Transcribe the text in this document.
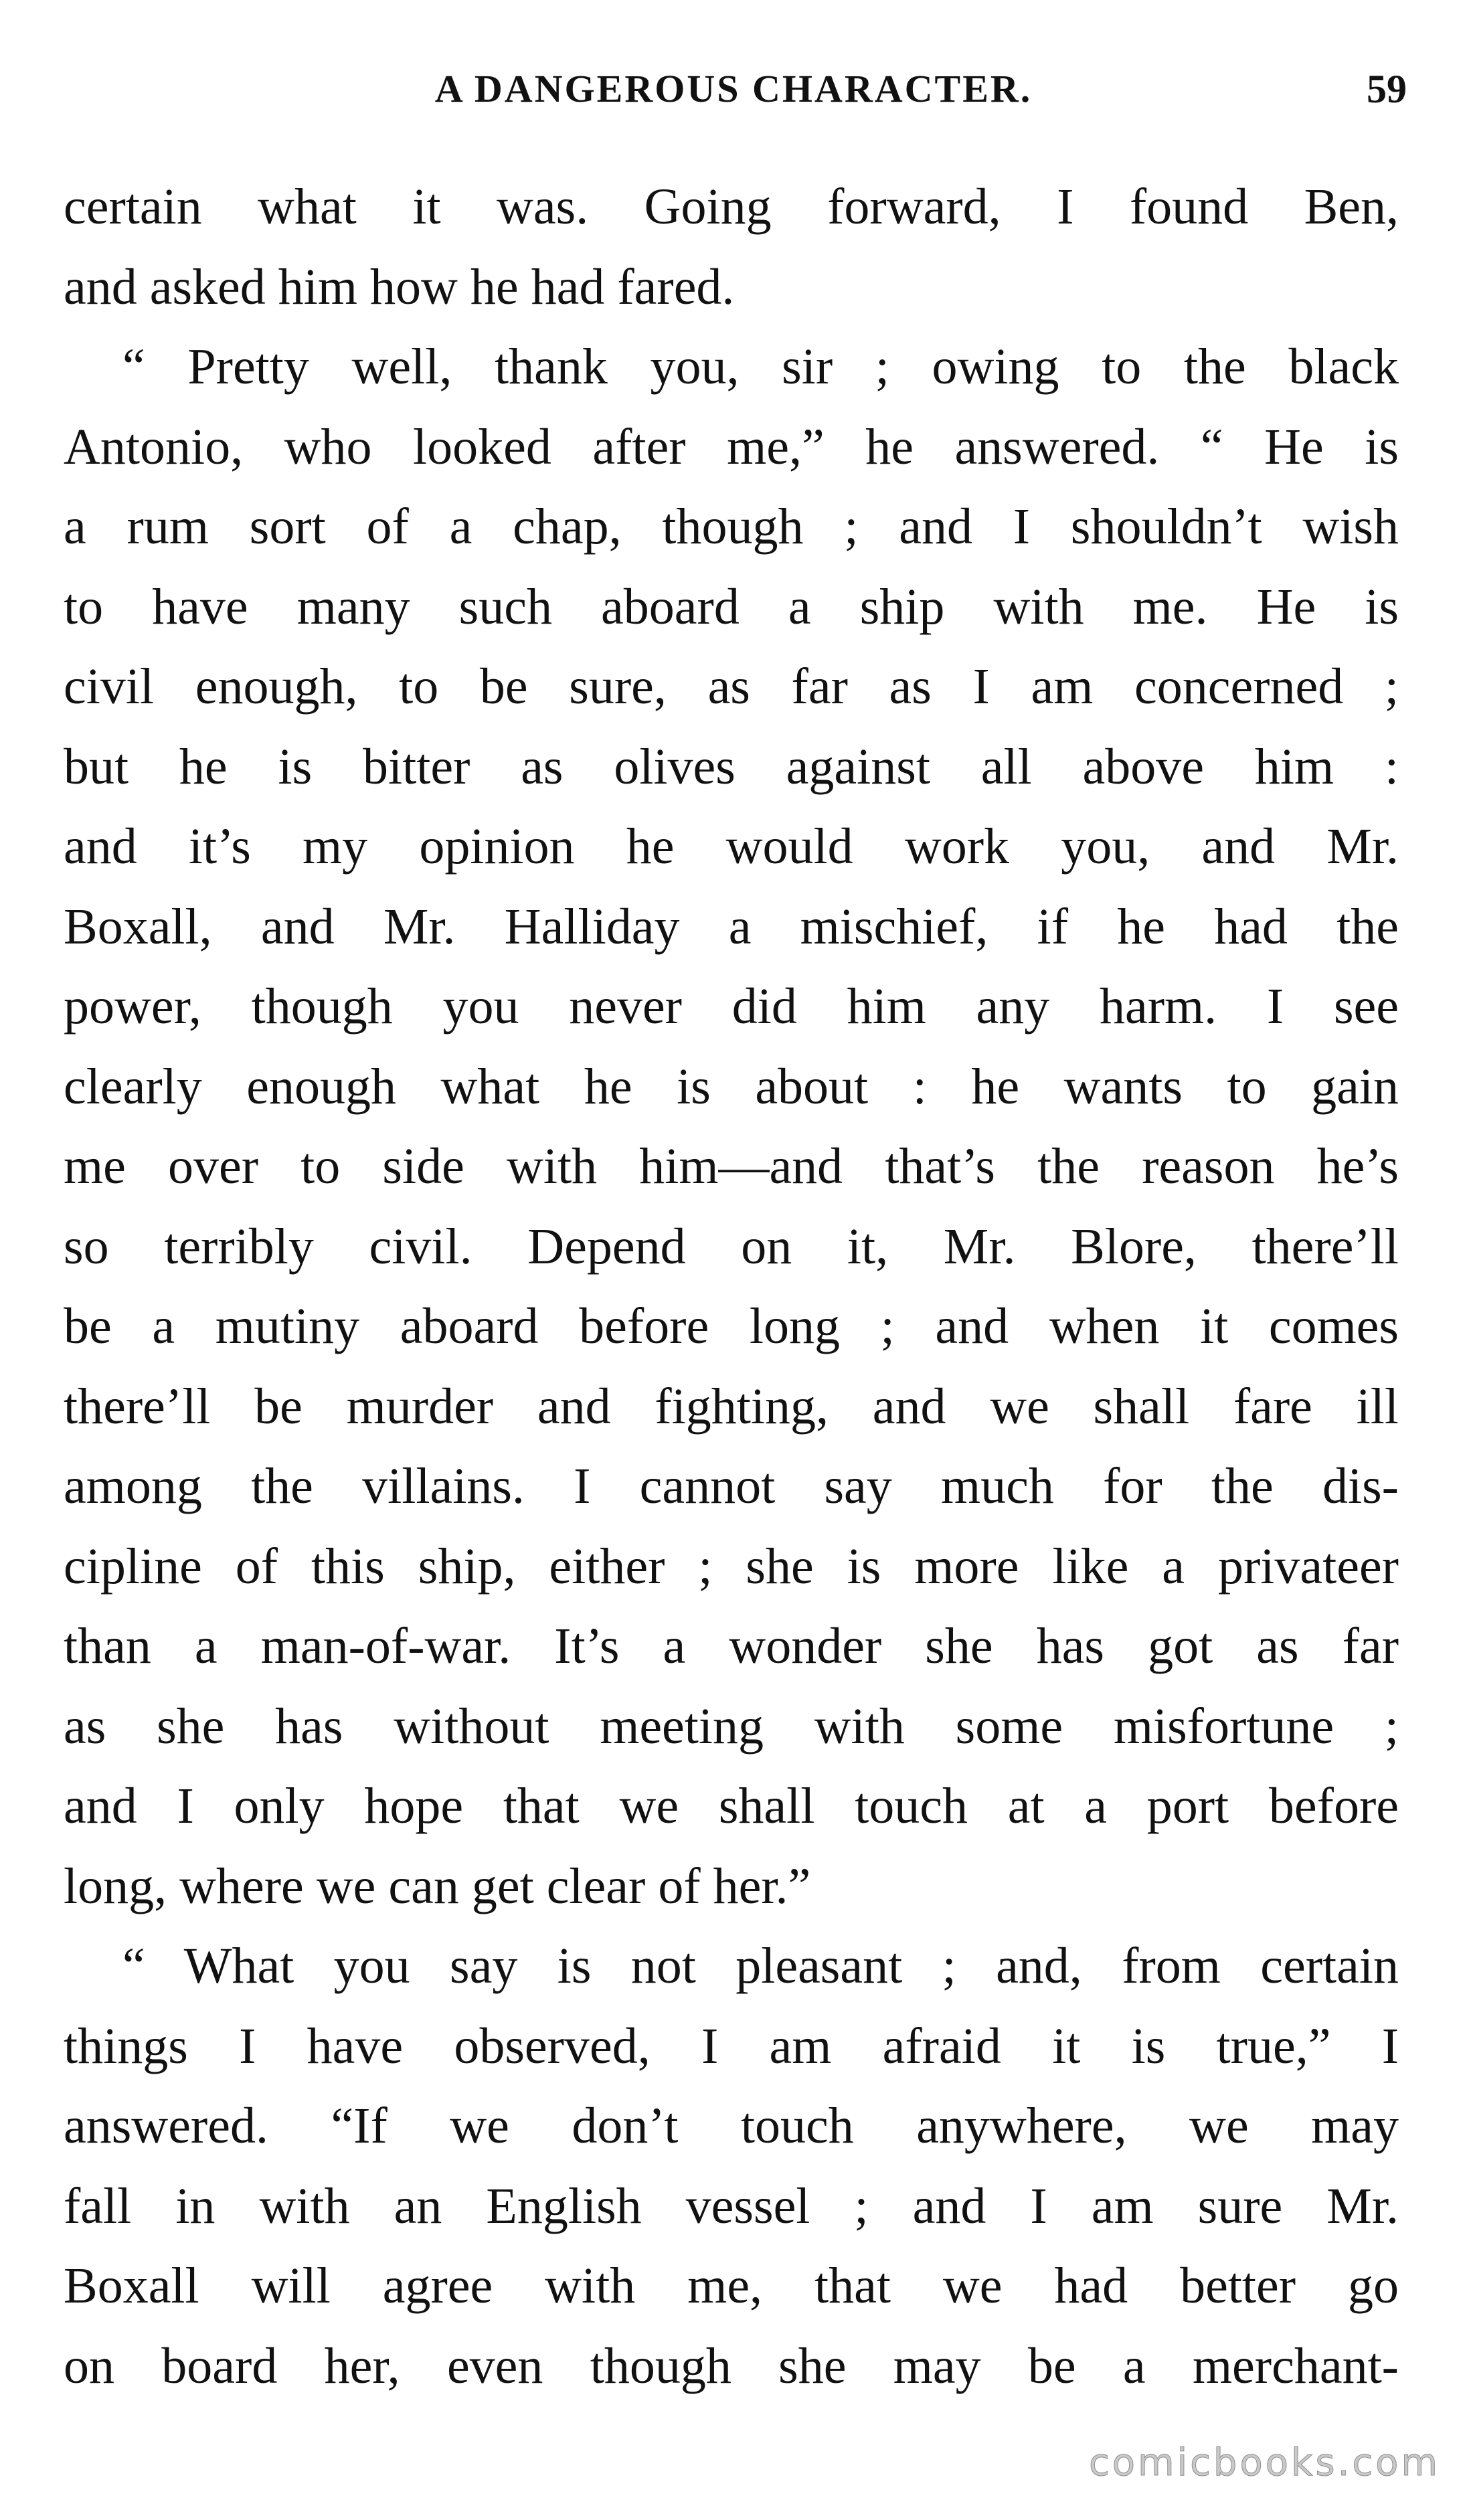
A DANGEROUS CHARACTER.	59
certain what it was. Going forward, I found Ben,
and asked him how he had fared.
“ Pretty well, thank you, sir ; owing to the black
Antonio, who looked after me,” he answered. “ He is
a rum sort of a chap, though ; and I shouldn’t wish
to have many such aboard a ship with me. He is
civil enough, to be sure, as far as I am concerned ;
but he is bitter as olives against all above him :
and it’s my opinion he would work you, and Mr.
Boxall, and Mr. Halliday a mischief, if he had the
power, though you never did him any harm. I see
clearly enough what he is about : he wants to gain
me over to side with him—and that’s the reason he’s
so terribly civil. Depend on it, Mr. Blore, there’ll
be a mutiny aboard before long ; and when it comes
there’ll be murder and fighting, and we shall fare ill
among the villains. I cannot say much for the dis-
cipline of this ship, either ; she is more like a privateer
than a man-of-war. It’s a wonder she has got as far
as she has without meeting with some misfortune ;
and I only hope that we shall touch at a port before
long, where we can get clear of her.”
“ What you say is not pleasant ; and, from certain
things I have observed, I am afraid it is true,” I
answered. “If we don’t touch anywhere, we may
fall in with an English vessel ; and I am sure Mr.
Boxall will agree with me, that we had better go
on board her, even though she may be a merchant-
comicbooks.com
